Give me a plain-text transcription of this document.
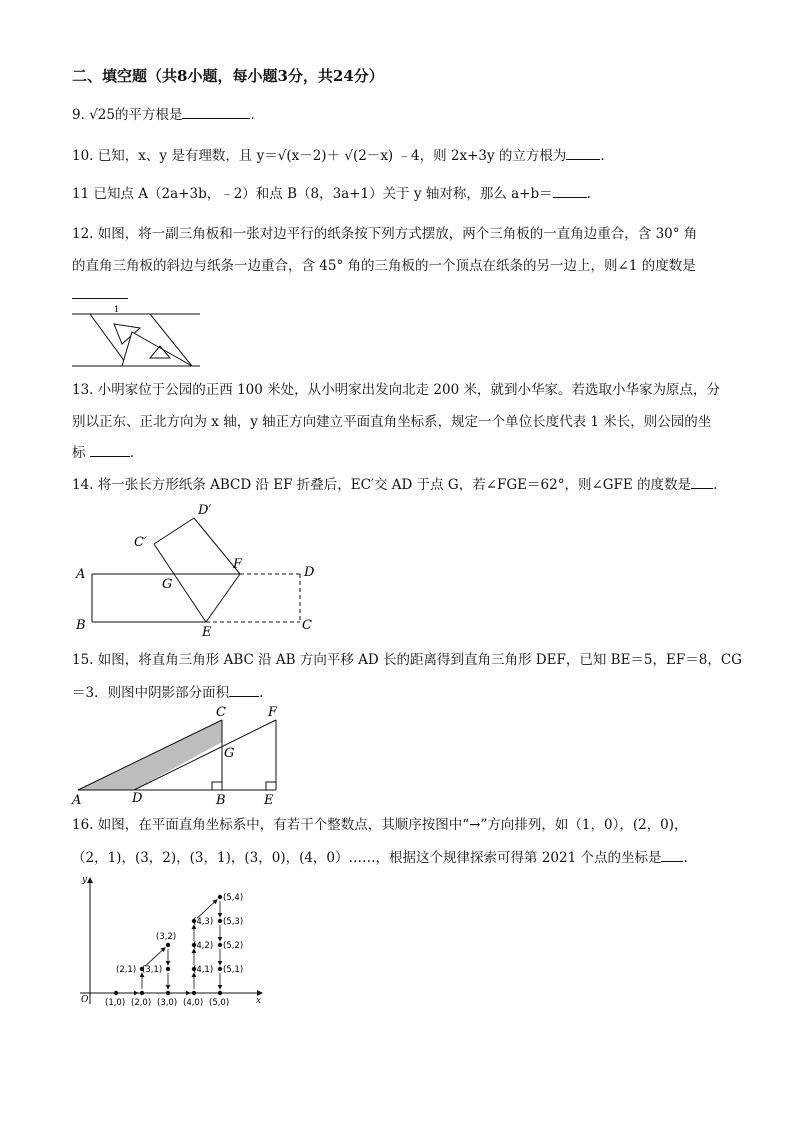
二、填空题（共8小题，每小题3分，共24分）
9. √25的平方根是	.
10. 已知，x、y 是有理数，且 y＝√(x－2)＋ √(2－x) ﹣4，则 2x+3y 的立方根为	.
11 已知点 A（2a+3b，﹣2）和点 B（8，3a+1）关于 y 轴对称，那么 a+b＝	.
12. 如图，将一副三角板和一张对边平行的纸条按下列方式摆放，两个三角板的一直角边重合，含 30° 角
的直角三角板的斜边与纸条一边重合，含 45° 角的三角板的一个顶点在纸条的另一边上，则∠1 的度数是
1
13. 小明家位于公园的正西 100 米处，从小明家出发向北走 200 米，就到小华家。若选取小华家为原点，分
别以正东、正北方向为 x 轴，y 轴正方向建立平面直角坐标系，规定一个单位长度代表 1 米长，则公园的坐
标	.
14. 将一张长方形纸条 ABCD 沿 EF 折叠后，EC′交 AD 于点 G，若∠FGE＝62°，则∠GFE 的度数是 .
A
B	C
D
E
F
G
C′
D′
15. 如图，将直角三角形 ABC 沿 AB 方向平移 AD 长的距离得到直角三角形 DEF，已知 BE＝5，EF＝8，CG
＝3．则图中阴影部分面积 .
A	D	B	E
C	F
G
16. 如图，在平面直角坐标系中，有若干个整数点，其顺序按图中“→”方向排列，如（1，0），(2，0)，
（2，1)，(3，2)，(3，1)，(3，0)，(4，0）……，根据这个规律探索可得第 2021 个点的坐标是 .
x
y
O (1,0) (2,0)
(2,1)
(3,2)
(3,1)
(3,0) (4,0)
(4,1)
(4,2)
(4,3)
(5,4)
(5,3)
(5,2)
(5,1)
(5,0)
